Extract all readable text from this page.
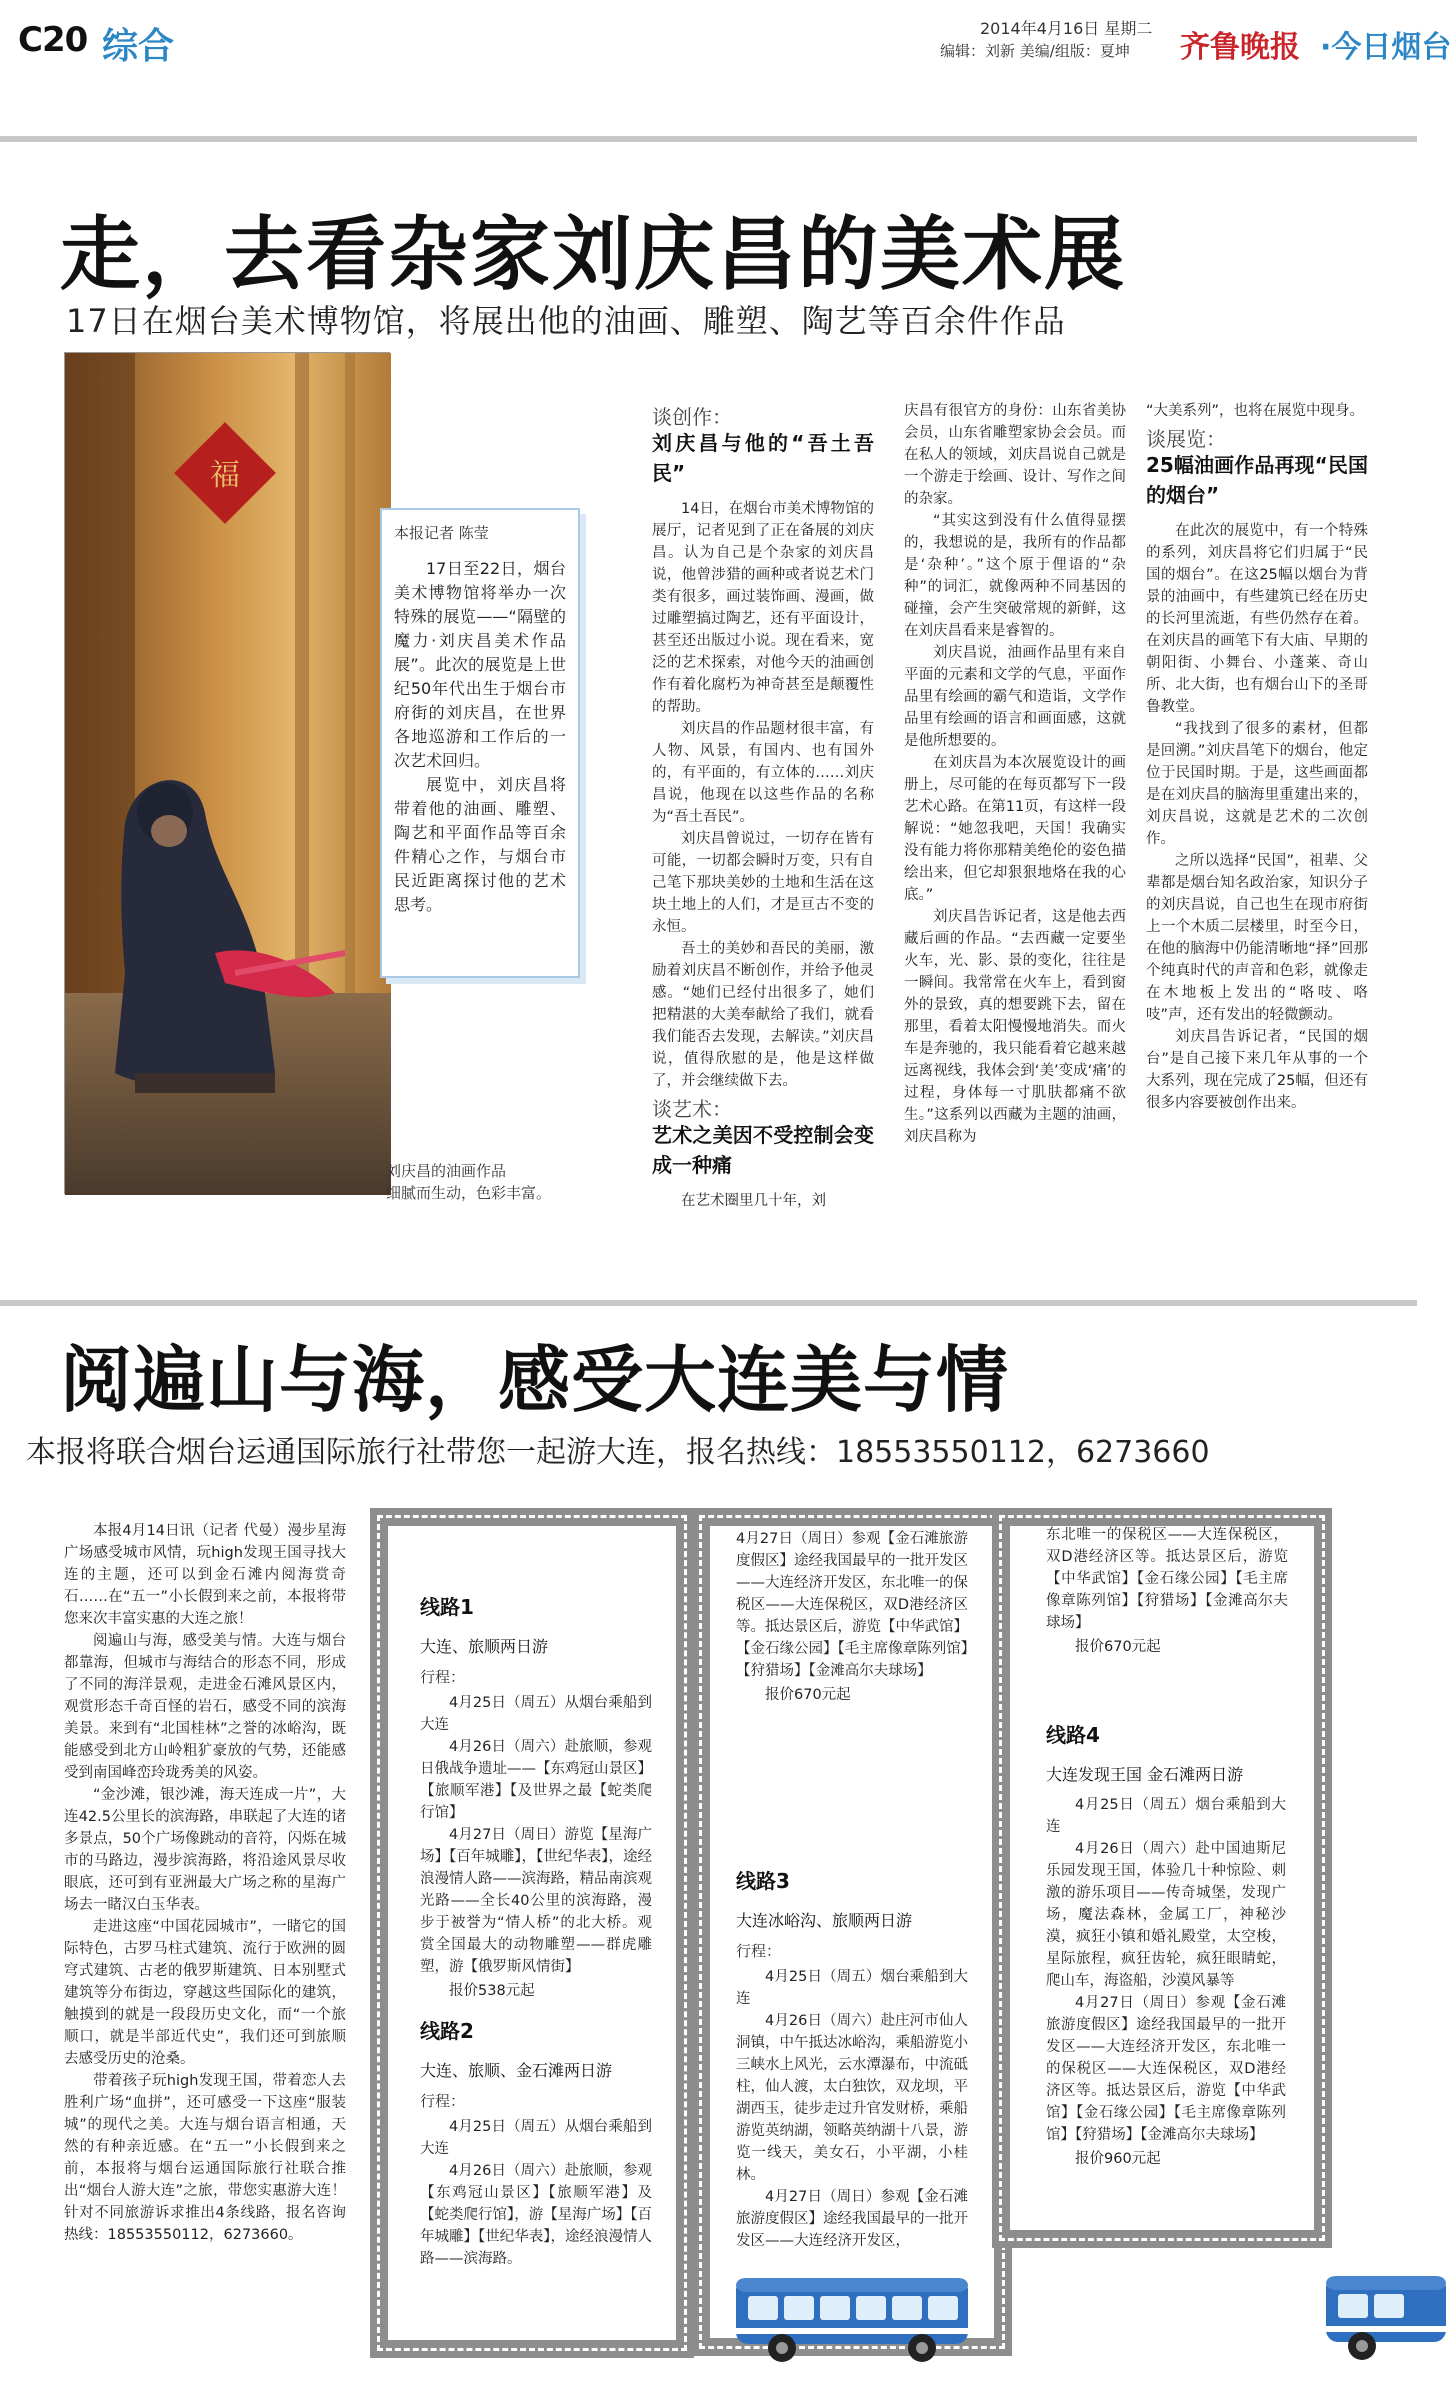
C20 综合	2014年4月16日 星期二
编辑：刘新 美编/组版：夏坤 齐鲁晚报 ·今日烟台
走，去看杂家刘庆昌的美术展
17日在烟台美术博物馆，将展出他的油画、雕塑、陶艺等百余件作品
福
刘庆昌的油画作品
细腻而生动，色彩丰富。
本报记者 陈莹

17日至22日，烟台美术博物馆将举办一次特殊的展览——“隔壁的魔力·刘庆昌美术作品展”。此次的展览是上世纪50年代出生于烟台市府街的刘庆昌，在世界各地巡游和工作后的一次艺术回归。

展览中，刘庆昌将带着他的油画、雕塑、陶艺和平面作品等百余件精心之作，与烟台市民近距离探讨他的艺术思考。

谈创作：
刘庆昌与他的“吾土吾民”

14日，在烟台市美术博物馆的展厅，记者见到了正在备展的刘庆昌。认为自己是个杂家的刘庆昌说，他曾涉猎的画种或者说艺术门类有很多，画过装饰画、漫画，做过雕塑搞过陶艺，还有平面设计，甚至还出版过小说。现在看来，宽泛的艺术探索，对他今天的油画创作有着化腐朽为神奇甚至是颠覆性的帮助。

刘庆昌的作品题材很丰富，有人物、风景，有国内、也有国外的，有平面的，有立体的……刘庆昌说，他现在以这些作品的名称为“吾土吾民”。

刘庆昌曾说过，一切存在皆有可能，一切都会瞬时万变，只有自己笔下那块美妙的土地和生活在这块土地上的人们，才是亘古不变的永恒。

吾土的美妙和吾民的美丽，激励着刘庆昌不断创作，并给予他灵感。“她们已经付出很多了，她们把精湛的大美奉献给了我们，就看我们能否去发现，去解读。”刘庆昌说，值得欣慰的是，他是这样做了，并会继续做下去。

谈艺术：
艺术之美因不受控制会变成一种痛

在艺术圈里几十年，刘

庆昌有很官方的身份：山东省美协会员，山东省雕塑家协会会员。而在私人的领域，刘庆昌说自己就是一个游走于绘画、设计、写作之间的杂家。

“其实这到没有什么值得显摆的，我想说的是，我所有的作品都是‘杂种’。”这个原于俚语的“杂种”的词汇，就像两种不同基因的碰撞，会产生突破常规的新鲜，这在刘庆昌看来是睿智的。

刘庆昌说，油画作品里有来自平面的元素和文学的气息，平面作品里有绘画的霸气和造诣，文学作品里有绘画的语言和画面感，这就是他所想要的。

在刘庆昌为本次展览设计的画册上，尽可能的在每页都写下一段艺术心路。在第11页，有这样一段解说：“她忽我吧，天国！我确实没有能力将你那精美绝伦的姿色描绘出来，但它却狠狠地烙在我的心底。”

刘庆昌告诉记者，这是他去西藏后画的作品。“去西藏一定要坐火车，光、影、景的变化，往往是一瞬间。我常常在火车上，看到窗外的景致，真的想要跳下去，留在那里，看着太阳慢慢地消失。而火车是奔驰的，我只能看着它越来越远离视线，我体会到‘美’变成‘痛’的过程，身体每一寸肌肤都痛不欲生。”这系列以西藏为主题的油画，刘庆昌称为

“大美系列”，也将在展览中现身。

谈展览：
25幅油画作品再现“民国的烟台”

在此次的展览中，有一个特殊的系列，刘庆昌将它们归属于“民国的烟台”。在这25幅以烟台为背景的油画中，有些建筑已经在历史的长河里流逝，有些仍然存在着。在刘庆昌的画笔下有大庙、早期的朝阳街、小舞台、小蓬莱、奇山所、北大街，也有烟台山下的圣哥鲁教堂。

“我找到了很多的素材，但都是回溯。”刘庆昌笔下的烟台，他定位于民国时期。于是，这些画面都是在刘庆昌的脑海里重建出来的，刘庆昌说，这就是艺术的二次创作。

之所以选择“民国”，祖辈、父辈都是烟台知名政治家，知识分子的刘庆昌说，自己也生在现市府街上一个木质二层楼里，时至今日，在他的脑海中仍能清晰地“择”回那个纯真时代的声音和色彩，就像走在木地板上发出的“咯吱、咯吱”声，还有发出的轻微颤动。

刘庆昌告诉记者，“民国的烟台”是自己接下来几年从事的一个大系列，现在完成了25幅，但还有很多内容要被创作出来。

阅遍山与海，感受大连美与情
本报将联合烟台运通国际旅行社带您一起游大连，报名热线：18553550112，6273660

本报4月14日讯（记者 代曼）漫步星海广场感受城市风情，玩high发现王国寻找大连的主题，还可以到金石滩内阅海赏奇石……在“五一”小长假到来之前，本报将带您来次丰富实惠的大连之旅！

阅遍山与海，感受美与情。大连与烟台都靠海，但城市与海结合的形态不同，形成了不同的海洋景观，走进金石滩风景区内，观赏形态千奇百怪的岩石，感受不同的滨海美景。来到有“北国桂林”之誉的冰峪沟，既能感受到北方山岭粗犷豪放的气势，还能感受到南国峰峦玲珑秀美的风姿。

“金沙滩，银沙滩，海天连成一片”，大连42.5公里长的滨海路，串联起了大连的诸多景点，50个广场像跳动的音符，闪烁在城市的马路边，漫步滨海路，将沿途风景尽收眼底，还可到有亚洲最大广场之称的星海广场去一睹汉白玉华表。

走进这座“中国花园城市”，一睹它的国际特色，古罗马柱式建筑、流行于欧洲的圆穹式建筑、古老的俄罗斯建筑、日本别墅式建筑等分布街边，穿越这些国际化的建筑，触摸到的就是一段段历史文化，而“一个旅顺口，就是半部近代史”，我们还可到旅顺去感受历史的沧桑。

带着孩子玩high发现王国，带着恋人去胜利广场“血拼”，还可感受一下这座“服装城”的现代之美。大连与烟台语言相通，天然的有种亲近感。在“五一”小长假到来之前，本报将与烟台运通国际旅行社联合推出“烟台人游大连”之旅，带您实惠游大连！针对不同旅游诉求推出4条线路，报名咨询热线：18553550112，6273660。

线路1
大连、旅顺两日游
行程：

4月25日（周五）从烟台乘船到大连

4月26日（周六）赴旅顺，参观日俄战争遗址——【东鸡冠山景区】【旅顺军港】【及世界之最【蛇类爬行馆】

4月27日（周日）游览【星海广场】【百年城雕】，【世纪华表】，途经浪漫情人路——滨海路，精品南滨观光路——全长40公里的滨海路，漫步于被誉为“情人桥”的北大桥。观赏全国最大的动物雕塑——群虎雕塑，游【俄罗斯风情街】

报价538元起

线路2
大连、旅顺、金石滩两日游
行程：

4月25日（周五）从烟台乘船到大连

4月26日（周六）赴旅顺，参观【东鸡冠山景区】【旅顺军港】及【蛇类爬行馆】，游【星海广场】【百年城雕】【世纪华表】，途经浪漫情人路——滨海路。

4月27日（周日）参观【金石滩旅游度假区】途经我国最早的一批开发区——大连经济开发区，东北唯一的保税区——大连保税区，双D港经济区等。抵达景区后，游览【中华武馆】【金石缘公园】【毛主席像章陈列馆】【狩猎场】【金滩高尔夫球场】

报价670元起

线路3
大连冰峪沟、旅顺两日游
行程：

4月25日（周五）烟台乘船到大连

4月26日（周六）赴庄河市仙人洞镇，中午抵达冰峪沟，乘船游览小三峡水上风光，云水潭瀑布，中流砥柱，仙人渡，太白独饮，双龙坝，平湖西玉，徒步走过升官发财桥，乘船游览英纳湖，领略英纳湖十八景，游览一线天，美女石，小平湖，小桂林。

4月27日（周日）参观【金石滩旅游度假区】途经我国最早的一批开发区——大连经济开发区，

东北唯一的保税区——大连保税区，双D港经济区等。抵达景区后，游览【中华武馆】【金石缘公园】【毛主席像章陈列馆】【狩猎场】【金滩高尔夫球场】

报价670元起

线路4
大连发现王国 金石滩两日游

4月25日（周五）烟台乘船到大连

4月26日（周六）赴中国迪斯尼乐园发现王国，体验几十种惊险、刺激的游乐项目——传奇城堡，发现广场，魔法森林，金属工厂，神秘沙漠，疯狂小镇和婚礼殿堂，太空梭，星际旅程，疯狂齿轮，疯狂眼睛蛇，爬山车，海盗船，沙漠风暴等

4月27日（周日）参观【金石滩旅游度假区】途经我国最早的一批开发区——大连经济开发区，东北唯一的保税区——大连保税区，双D港经济区等。抵达景区后，游览【中华武馆】【金石缘公园】【毛主席像章陈列馆】【狩猎场】【金滩高尔夫球场】

报价960元起
